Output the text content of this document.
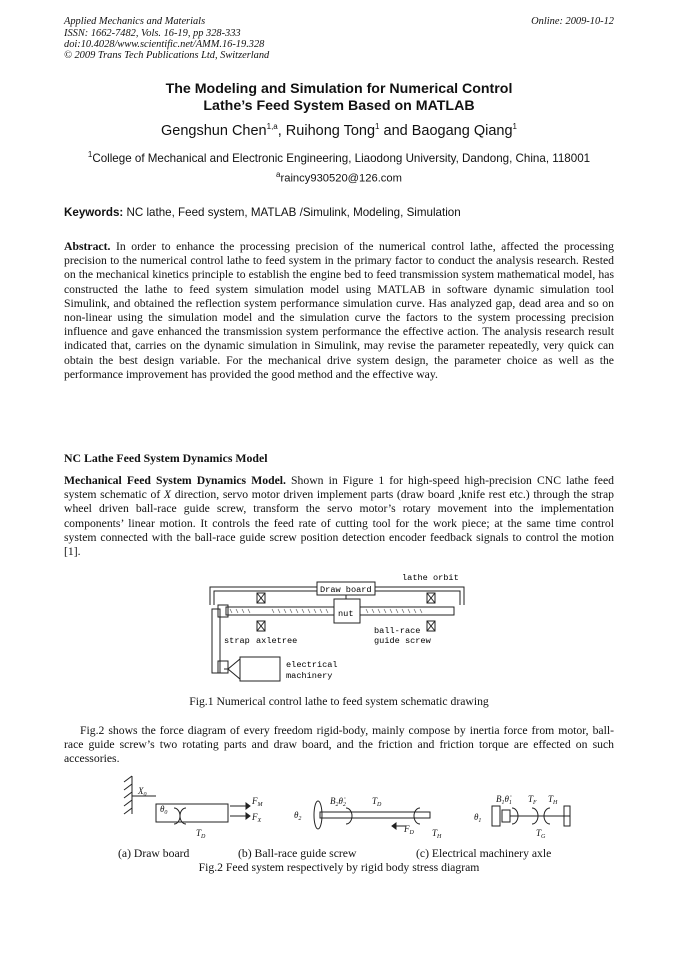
Applied Mechanics and Materials	Online: 2009-10-12
ISSN: 1662-7482, Vols. 16-19, pp 328-333
doi:10.4028/www.scientific.net/AMM.16-19.328
© 2009 Trans Tech Publications Ltd, Switzerland
The Modeling and Simulation for Numerical Control
Lathe’s Feed System Based on MATLAB
Gengshun Chen$^{1,a}$, Ruihong Tong$^1$ and Baogang Qiang$^1$
$^1$College of Mechanical and Electronic Engineering, Liaodong University, Dandong, China, 118001
$^a$raincy930520@126.com
Keywords: NC lathe, Feed system, MATLAB /Simulink, Modeling, Simulation
Abstract. In order to enhance the processing precision of the numerical control lathe, affected the processing precision to the numerical control lathe to feed system in the primary factor to conduct the analysis research. Rested on the mechanical kinetics principle to establish the engine bed to feed transmission system mathematical model, has constructed the lathe to feed system simulation model using MATLAB in software dynamic simulation tool Simulink, and obtained the reflection system performance simulation curve. Has analyzed gap, dead area and so on non-linear using the simulation model and the simulation curve the factors to the system processing precision influence and gave enhanced the transmission system performance the effective action. The analysis research result indicated that, carries on the dynamic simulation in Simulink, may revise the parameter repeatedly, very quick can obtain the best design variable. For the mechanical drive system design, the parameter choice as well as the performance improvement has provided the good method and the effective way.
NC Lathe Feed System Dynamics Model
Mechanical Feed System Dynamics Model. Shown in Figure 1 for high-speed high-precision CNC lathe feed system schematic of X direction, servo motor driven implement parts (draw board ,knife rest etc.) through the strap wheel driven ball-race guide screw, transform the servo motor’s rotary movement into the implementation components’ linear motion. It controls the feed rate of cutting tool for the work piece; at the same time control system connected with the ball-race guide screw position detection encoder feedback signals to control the motion [1].
lathe orbit
Draw board
nut
strap axletree
ball-race
guide screw
electrical
machinery
Fig.1 Numerical control lathe to feed system schematic drawing
Fig.2 shows the force diagram of every freedom rigid-body, mainly compose by inertia force from motor, ball-race guide screw’s two rotating parts and draw board, and the friction and friction torque are effected on such accessories.
$X_0$
$\theta_0$
$F_M$
$F_X$
$T_D$
$B_2\thetȧ_2$
$\theta_2$
$T_D$
$F_D$ $T_H$
$B_1\thetȧ_1$ $T_F$ $T_H$
$\theta_1$
$T_G$
(a) Draw board	(b) Ball-race guide screw	(c) Electrical machinery axle
Fig.2 Feed system respectively by rigid body stress diagram
